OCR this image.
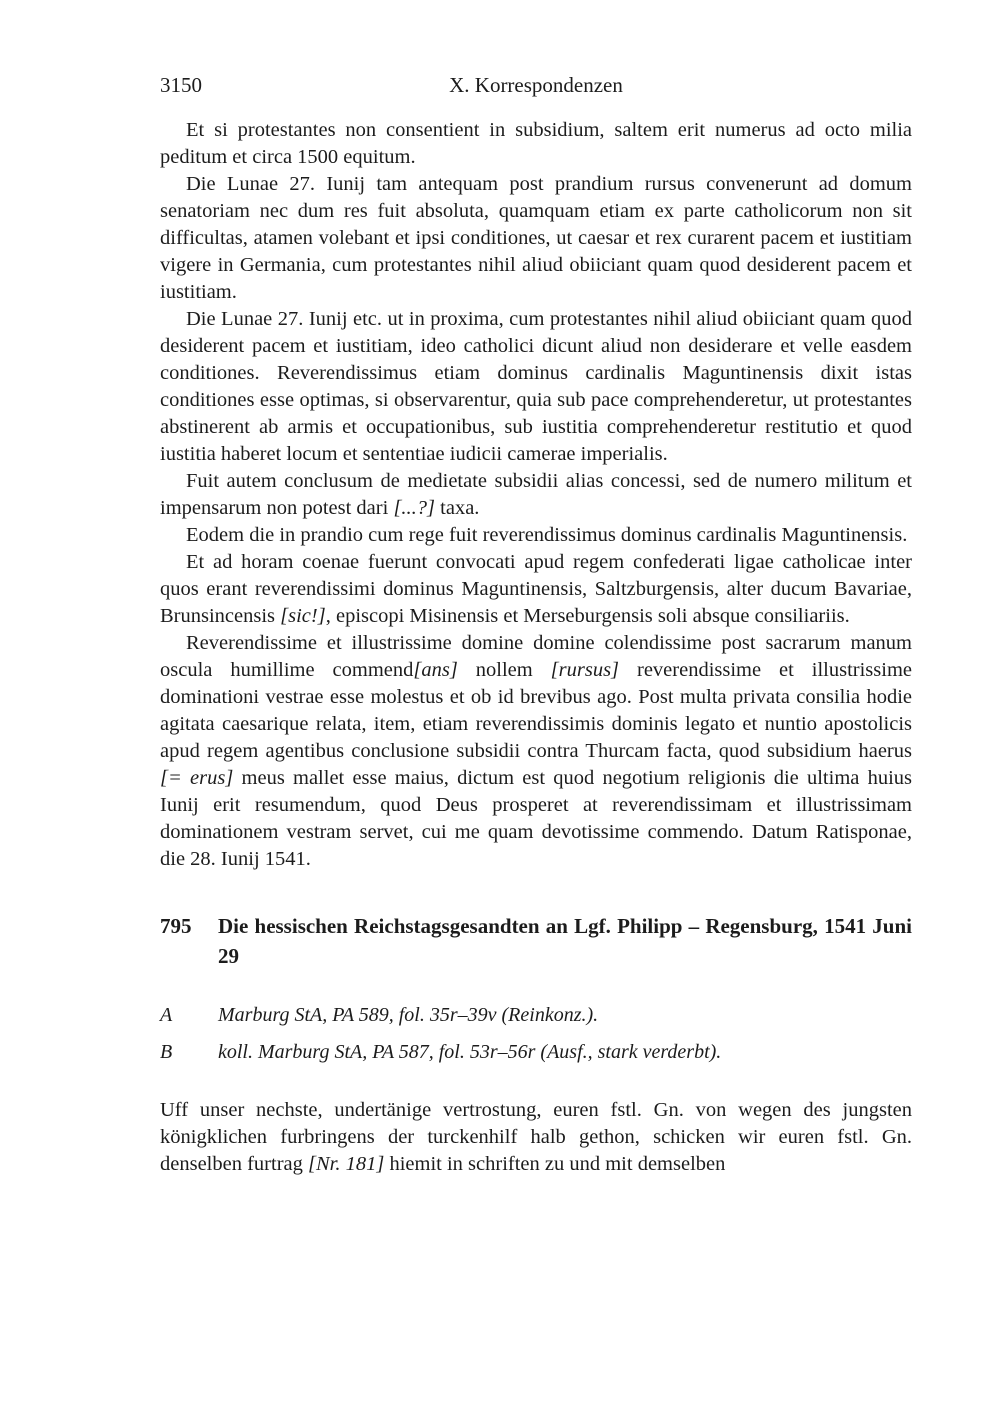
3150	X. Korrespondenzen

Et si protestantes non consentient in subsidium, saltem erit numerus ad octo milia peditum et circa 1500 equitum.

Die Lunae 27. Iunij tam antequam post prandium rursus convenerunt ad domum senatoriam nec dum res fuit absoluta, quamquam etiam ex parte catholicorum non sit difficultas, atamen volebant et ipsi conditiones, ut caesar et rex curarent pacem et iustitiam vigere in Germania, cum protestantes nihil aliud obiiciant quam quod desiderent pacem et iustitiam.

Die Lunae 27. Iunij etc. ut in proxima, cum protestantes nihil aliud obiiciant quam quod desiderent pacem et iustitiam, ideo catholici dicunt aliud non desiderare et velle easdem conditiones. Reverendissimus etiam dominus cardinalis Maguntinensis dixit istas conditiones esse optimas, si observarentur, quia sub pace comprehenderetur, ut protestantes abstinerent ab armis et occupationibus, sub iustitia comprehenderetur restitutio et quod iustitia haberet locum et sententiae iudicii camerae imperialis.

Fuit autem conclusum de medietate subsidii alias concessi, sed de numero militum et impensarum non potest dari [...?] taxa.

Eodem die in prandio cum rege fuit reverendissimus dominus cardinalis Maguntinensis.

Et ad horam coenae fuerunt convocati apud regem confederati ligae catholicae inter quos erant reverendissimi dominus Maguntinensis, Saltzburgensis, alter ducum Bavariae, Brunsincensis [sic!], episcopi Misinensis et Merseburgensis soli absque consiliariis.

Reverendissime et illustrissime domine domine colendissime post sacrarum manum oscula humillime commend[ans] nollem [rursus] reverendissime et illustrissime dominationi vestrae esse molestus et ob id brevibus ago. Post multa privata consilia hodie agitata caesarique relata, item, etiam reverendissimis dominis legato et nuntio apostolicis apud regem agentibus conclusione subsidii contra Thurcam facta, quod subsidium haerus [= erus] meus mallet esse maius, dictum est quod negotium religionis die ultima huius Iunij erit resumendum, quod Deus prosperet at reverendissimam et illustrissimam dominationem vestram servet, cui me quam devotissime commendo. Datum Ratisponae, die 28. Iunij 1541.

795	Die hessischen Reichstagsgesandten an Lgf. Philipp – Regensburg, 1541 Juni 29
A	Marburg StA, PA 589, fol. 35r–39v (Reinkonz.).
B	koll. Marburg StA, PA 587, fol. 53r–56r (Ausf., stark verderbt).

Uff unser nechste, undertänige vertrostung, euren fstl. Gn. von wegen des jungsten königklichen furbringens der turckenhilf halb gethon, schicken wir euren fstl. Gn. denselben furtrag [Nr. 181] hiemit in schriften zu und mit demselben
